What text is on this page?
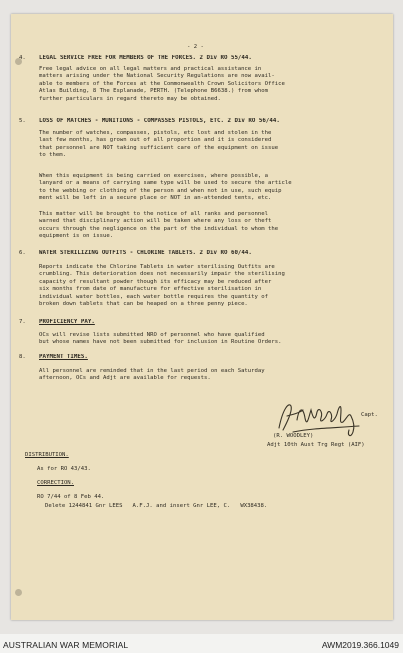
- 2 -

4. LEGAL SERVICE FREE FOR MEMBERS OF THE FORCES. 2 Div RO 55/44.

Free legal advice on all legal matters and practical assistance in
matters arising under the National Security Regulations are now avail-
able to members of the Forces at the Commonwealth Crown Solicitors Office
Atlas Building, 8 The Esplanade, PERTH. (Telephone B6638.) from whom
further particulars in regard thereto may be obtained.

5. LOSS OF MATCHES - MUNITIONS - COMPASSES PISTOLS, ETC. 2 Div RO 56/44.

The number of watches, compasses, pistols, etc lost and stolen in the
last few months, has grown out of all proportion and it is considered
that personnel are NOT taking sufficient care of the equipment on issue
to them.

When this equipment is being carried on exercises, where possible, a
lanyard or a means of carrying same type will be used to secure the article
to the webbing or clothing of the person and when not in use, such equip
ment will be left in a secure place or NOT in an-attended tents, etc.

This matter will be brought to the notice of all ranks and personnel
warned that disciplinary action will be taken where any loss or theft
occurs through the negligence on the part of the individual to whom the
equipment is on issue.

6. WATER STERILIZING OUTFITS - CHLORINE TABLETS. 2 Div RO 60/44.

Reports indicate the Chlorine Tablets in water sterilising Outfits are
crumbling. This deterioration does not necessarily impair the sterilising
capacity of resultant powder though its efficacy may be reduced after
six months from date of manufacture for effective sterilisation in
individual water bottles, each water bottle requires the quantity of
broken down tablets that can be heaped on a three penny piece.

7. PROFICIENCY PAY.

OCs will revise lists submitted NRO of personnel who have qualified
but whose names have not been submitted for inclusion in Routine Orders.

8. PAYMENT TIMES.

All personnel are reminded that in the last period on each Saturday
afternoon, OCs and Adjt are available for requests.

Capt.

(R. WOODLEY)

Adjt 10th Aust Trg Regt (AIF)

DISTRIBUTION.

As for RO 43/43.

CORRECTION.

RO 7/44 of 8 Feb 44.

Delete 1244841 Gnr LEES   A.F.J. and insert Gnr LEE, C.   WX38438.

AUSTRALIAN WAR MEMORIAL	AWM2019.366.1049
